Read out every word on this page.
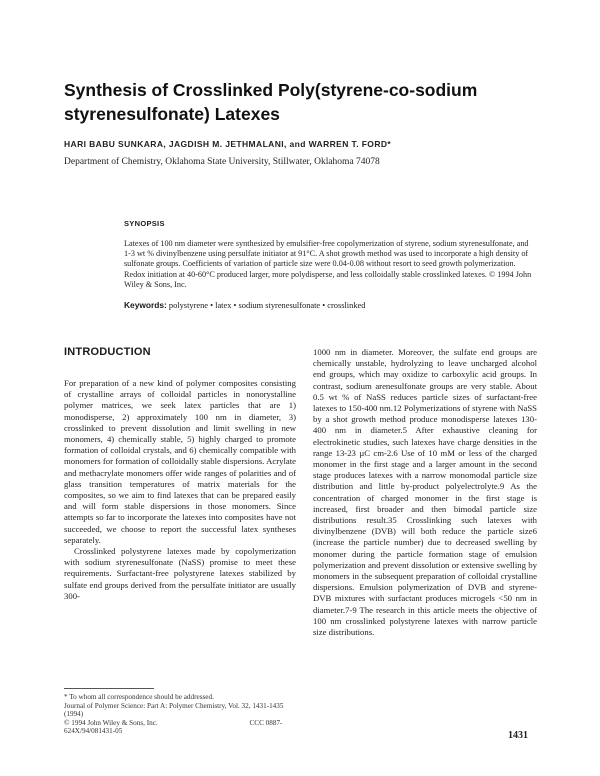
Synthesis of Crosslinked Poly(styrene-co-sodium styrenesulfonate) Latexes
HARI BABU SUNKARA, JAGDISH M. JETHMALANI, and WARREN T. FORD*
Department of Chemistry, Oklahoma State University, Stillwater, Oklahoma 74078
SYNOPSIS
Latexes of 100 nm diameter were synthesized by emulsifier-free copolymerization of styrene, sodium styrenesulfonate, and 1-3 wt % divinylbenzene using persulfate initiator at 91°C. A shot growth method was used to incorporate a high density of sulfonate groups. Coefficients of variation of particle size were 0.04-0.08 without resort to seed growth polymerization. Redox initiation at 40-60°C produced larger, more polydisperse, and less colloidally stable crosslinked latexes. © 1994 John Wiley & Sons, Inc.
Keywords: polystyrene • latex • sodium styrenesulfonate • crosslinked
INTRODUCTION

For preparation of a new kind of polymer composites consisting of crystalline arrays of colloidal particles in nonorystalline polymer matrices, we seek latex particles that are 1) monodisperse, 2) approximately 100 nm in diameter, 3) crosslinked to prevent dissolution and limit swelling in new monomers, 4) chemically stable, 5) highly charged to promote formation of colloidal crystals, and 6) chemically compatible with monomers for formation of colloidally stable dispersions. Acrylate and methacrylate monomers offer wide ranges of polarities and of glass transition temperatures of matrix materials for the composites, so we aim to find latexes that can be prepared easily and will form stable dispersions in those monomers. Since attempts so far to incorporate the latexes into composites have not succeeded, we choose to report the successful latex syntheses separately.

Crosslinked polystyrene latexes made by copolymerization with sodium styrenesulfonate (NaSS) promise to meet these requirements. Surfactant-free polystyrene latexes stabilized by sulfate end groups derived from the persulfate initiator are usually 300-

1000 nm in diameter. Moreover, the sulfate end groups are chemically unstable, hydrolyzing to leave uncharged alcohol end groups, which may oxidize to carboxylic acid groups. In contrast, sodium arenesulfonate groups are very stable. About 0.5 wt % of NaSS reduces particle sizes of surfactant-free latexes to 150-400 nm.12 Polymerizations of styrene with NaSS by a shot growth method produce monodisperse latexes 130-400 nm in diameter.5 After exhaustive cleaning for electrokinetic studies, such latexes have charge densities in the range 13-23 µC cm-2.6 Use of 10 mM or less of the charged monomer in the first stage and a larger amount in the second stage produces latexes with a narrow monomodal particle size distribution and little by-product polyelectrolyte.9 As the concentration of charged monomer in the first stage is increased, first broader and then bimodal particle size distributions result.35 Crosslinking such latexes with divinylbenzene (DVB) will both reduce the particle size6 (increase the particle number) due to decreased swelling by monomer during the particle formation stage of emulsion polymerization and prevent dissolution or extensive swelling by monomers in the subsequent preparation of colloidal crystalline dispersions. Emulsion polymerization of DVB and styrene-DVB mixtures with surfactant produces microgels <50 nm in diameter.7-9 The research in this article meets the objective of 100 nm crosslinked polystyrene latexes with narrow particle size distributions.

* To whom all correspondence should be addressed.
Journal of Polymer Science: Part A: Polymer Chemistry, Vol. 32, 1431-1435 (1994)
© 1994 John Wiley & Sons, Inc.	CCC 0887-624X/94/081431-05	1431
